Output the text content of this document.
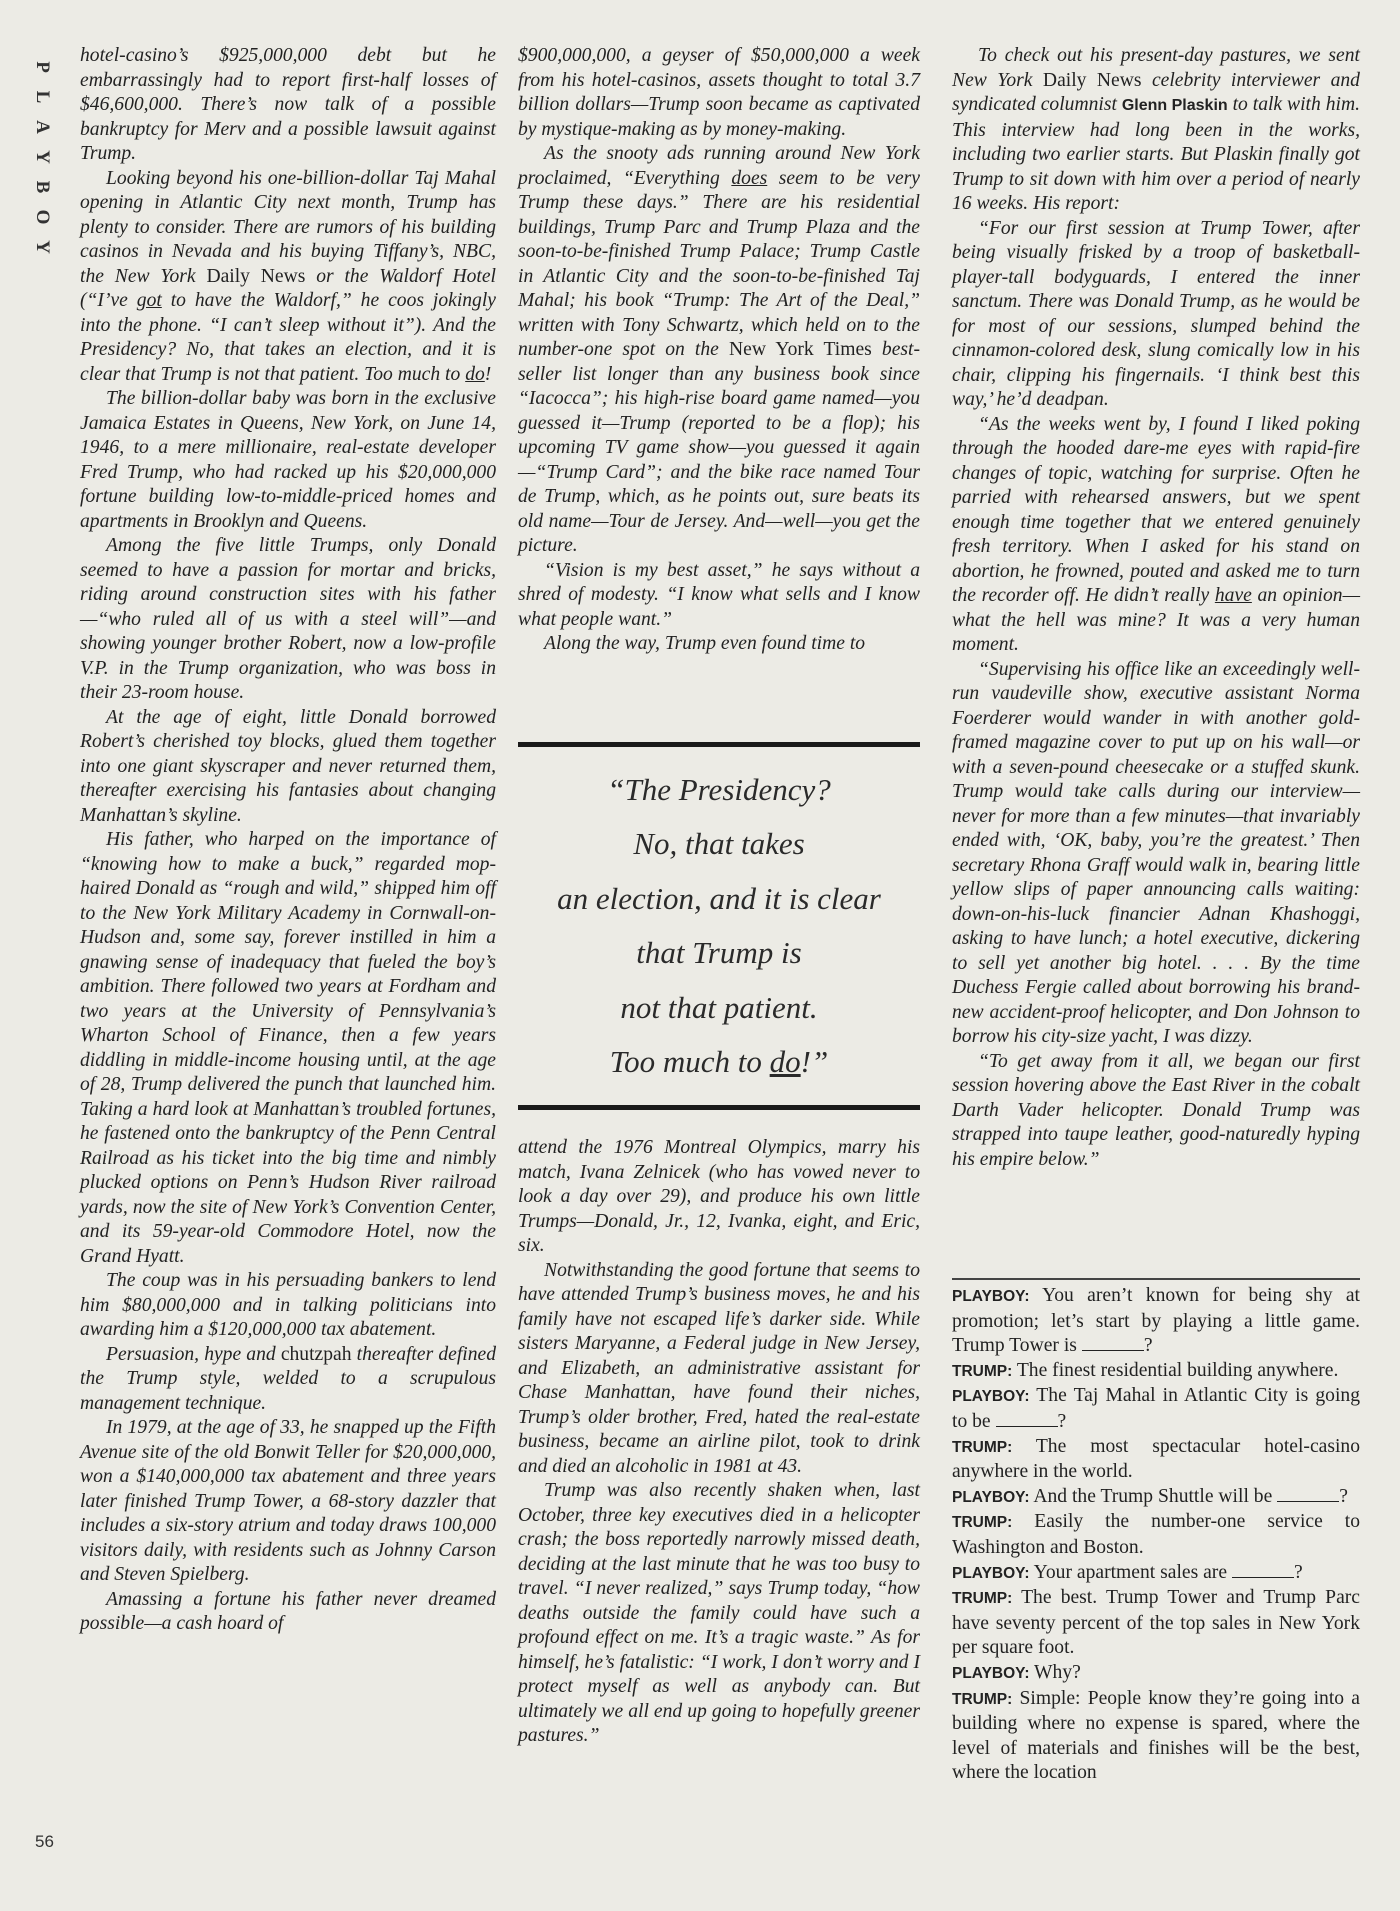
P
L
A
Y
B
O
Y
56

hotel-casino’s $925,000,000 debt but he embarrassingly had to report first-half losses of $46,600,000. There’s now talk of a possible bankruptcy for Merv and a possible lawsuit against Trump.

Looking beyond his one-billion-dollar Taj Mahal opening in Atlantic City next month, Trump has plenty to consider. There are rumors of his building casinos in Nevada and his buying Tiffany’s, NBC, the New York Daily News or the Waldorf Hotel (“I’ve got to have the Waldorf,” he coos jokingly into the phone. “I can’t sleep without it”). And the Presidency? No, that takes an election, and it is clear that Trump is not that patient. Too much to do!

The billion-dollar baby was born in the exclusive Jamaica Estates in Queens, New York, on June 14, 1946, to a mere millionaire, real-estate developer Fred Trump, who had racked up his $20,000,000 fortune building low-to-middle-priced homes and apartments in Brooklyn and Queens.

Among the five little Trumps, only Donald seemed to have a passion for mortar and bricks, riding around construction sites with his father—“who ruled all of us with a steel will”—and showing younger brother Robert, now a low-profile V.P. in the Trump organization, who was boss in their 23-room house.

At the age of eight, little Donald borrowed Robert’s cherished toy blocks, glued them together into one giant skyscraper and never returned them, thereafter exercising his fantasies about changing Manhattan’s skyline.

His father, who harped on the importance of “knowing how to make a buck,” regarded mop-haired Donald as “rough and wild,” shipped him off to the New York Military Academy in Cornwall-on-Hudson and, some say, forever instilled in him a gnawing sense of inadequacy that fueled the boy’s ambition. There followed two years at Fordham and two years at the University of Pennsylvania’s Wharton School of Finance, then a few years diddling in middle-income housing until, at the age of 28, Trump delivered the punch that launched him. Taking a hard look at Manhattan’s troubled fortunes, he fastened onto the bankruptcy of the Penn Central Railroad as his ticket into the big time and nimbly plucked options on Penn’s Hudson River railroad yards, now the site of New York’s Convention Center, and its 59-year-old Commodore Hotel, now the Grand Hyatt.

The coup was in his persuading bankers to lend him $80,000,000 and in talking politicians into awarding him a $120,000,000 tax abatement.

Persuasion, hype and chutzpah thereafter defined the Trump style, welded to a scrupulous management technique.

In 1979, at the age of 33, he snapped up the Fifth Avenue site of the old Bonwit Teller for $20,000,000, won a $140,000,000 tax abatement and three years later finished Trump Tower, a 68-story dazzler that includes a six-story atrium and today draws 100,000 visitors daily, with residents such as Johnny Carson and Steven Spielberg.

Amassing a fortune his father never dreamed possible—a cash hoard of

$900,000,000, a geyser of $50,000,000 a week from his hotel-casinos, assets thought to total 3.7 billion dollars—Trump soon became as captivated by mystique-making as by money-making.

As the snooty ads running around New York proclaimed, “Everything does seem to be very Trump these days.” There are his residential buildings, Trump Parc and Trump Plaza and the soon-to-be-finished Trump Palace; Trump Castle in Atlantic City and the soon-to-be-finished Taj Mahal; his book “Trump: The Art of the Deal,” written with Tony Schwartz, which held on to the number-one spot on the New York Times best-seller list longer than any business book since “Iacocca”; his high-rise board game named—you guessed it—Trump (reported to be a flop); his upcoming TV game show—you guessed it again—“Trump Card”; and the bike race named Tour de Trump, which, as he points out, sure beats its old name—Tour de Jersey. And—well—you get the picture.

“Vision is my best asset,” he says without a shred of modesty. “I know what sells and I know what people want.”

Along the way, Trump even found time to

“The Presidency?
No, that takes
an election, and it is clear
that Trump is
not that patient.
Too much to do!”

attend the 1976 Montreal Olympics, marry his match, Ivana Zelnicek (who has vowed never to look a day over 29), and produce his own little Trumps—Donald, Jr., 12, Ivanka, eight, and Eric, six.

Notwithstanding the good fortune that seems to have attended Trump’s business moves, he and his family have not escaped life’s darker side. While sisters Maryanne, a Federal judge in New Jersey, and Elizabeth, an administrative assistant for Chase Manhattan, have found their niches, Trump’s older brother, Fred, hated the real-estate business, became an airline pilot, took to drink and died an alcoholic in 1981 at 43.

Trump was also recently shaken when, last October, three key executives died in a helicopter crash; the boss reportedly narrowly missed death, deciding at the last minute that he was too busy to travel. “I never realized,” says Trump today, “how deaths outside the family could have such a profound effect on me. It’s a tragic waste.” As for himself, he’s fatalistic: “I work, I don’t worry and I protect myself as well as anybody can. But ultimately we all end up going to hopefully greener pastures.”

To check out his present-day pastures, we sent New York Daily News celebrity interviewer and syndicated columnist Glenn Plaskin to talk with him. This interview had long been in the works, including two earlier starts. But Plaskin finally got Trump to sit down with him over a period of nearly 16 weeks. His report:

“For our first session at Trump Tower, after being visually frisked by a troop of basketball-player-tall bodyguards, I entered the inner sanctum. There was Donald Trump, as he would be for most of our sessions, slumped behind the cinnamon-colored desk, slung comically low in his chair, clipping his fingernails. ‘I think best this way,’ he’d deadpan.

“As the weeks went by, I found I liked poking through the hooded dare-me eyes with rapid-fire changes of topic, watching for surprise. Often he parried with rehearsed answers, but we spent enough time together that we entered genuinely fresh territory. When I asked for his stand on abortion, he frowned, pouted and asked me to turn the recorder off. He didn’t really have an opinion—what the hell was mine? It was a very human moment.

“Supervising his office like an exceedingly well-run vaudeville show, executive assistant Norma Foerderer would wander in with another gold-framed magazine cover to put up on his wall—or with a seven-pound cheesecake or a stuffed skunk. Trump would take calls during our interview—never for more than a few minutes—that invariably ended with, ‘OK, baby, you’re the greatest.’ Then secretary Rhona Graff would walk in, bearing little yellow slips of paper announcing calls waiting: down-on-his-luck financier Adnan Khashoggi, asking to have lunch; a hotel executive, dickering to sell yet another big hotel. . . . By the time Duchess Fergie called about borrowing his brand-new accident-proof helicopter, and Don Johnson to borrow his city-size yacht, I was dizzy.

“To get away from it all, we began our first session hovering above the East River in the cobalt Darth Vader helicopter. Donald Trump was strapped into taupe leather, good-naturedly hyping his empire below.”

PLAYBOY: You aren’t known for being shy at promotion; let’s start by playing a little game. Trump Tower is	?

TRUMP: The finest residential building anywhere.

PLAYBOY: The Taj Mahal in Atlantic City is going to be	?

TRUMP: The most spectacular hotel-casino anywhere in the world.

PLAYBOY: And the Trump Shuttle will be	?

TRUMP: Easily the number-one service to Washington and Boston.

PLAYBOY: Your apartment sales are	?

TRUMP: The best. Trump Tower and Trump Parc have seventy percent of the top sales in New York per square foot.

PLAYBOY: Why?

TRUMP: Simple: People know they’re going into a building where no expense is spared, where the level of materials and finishes will be the best, where the location
